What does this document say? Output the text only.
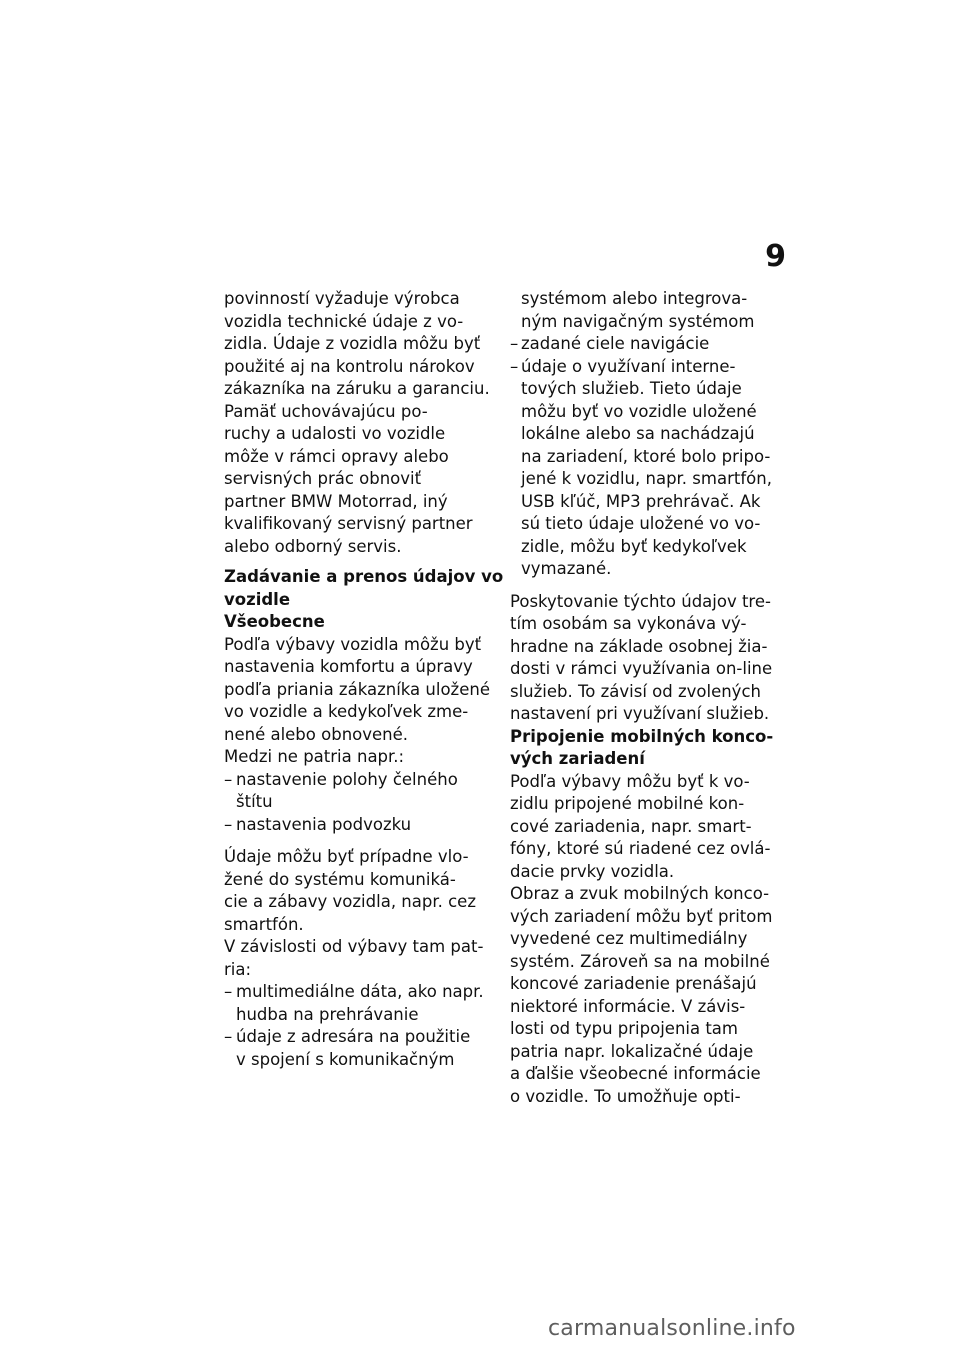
9

povinností vyžaduje výrobca
vozidla technické údaje z vo-
zidla. Údaje z vozidla môžu byť
použité aj na kontrolu nárokov
zákazníka na záruku a garanciu.

Pamäť uchovávajúcu po-
ruchy a udalosti vo vozidle
môže v rámci opravy alebo
servisných prác obnoviť
partner BMW Motorrad, iný
kvalifikovaný servisný partner
alebo odborný servis.

Zadávanie a prenos údajov vo
vozidle
Všeobecne

Podľa výbavy vozidla môžu byť
nastavenia komfortu a úpravy
podľa priania zákazníka uložené
vo vozidle a kedykoľvek zme-
nené alebo obnovené.

Medzi ne patria napr.:

– nastavenie polohy čelného
štítu
– nastavenia podvozku

Údaje môžu byť prípadne vlo-
žené do systému komuniká-
cie a zábavy vozidla, napr. cez
smartfón.

V závislosti od výbavy tam pat-
ria:

– multimediálne dáta, ako napr.
hudba na prehrávanie
– údaje z adresára na použitie
v spojení s komunikačným
systémom alebo integrova-
ným navigačným systémom
– zadané ciele navigácie
– údaje o využívaní interne-
tových služieb. Tieto údaje
môžu byť vo vozidle uložené
lokálne alebo sa nachádzajú
na zariadení, ktoré bolo pripo-
jené k vozidlu, napr. smartfón,
USB kľúč, MP3 prehrávač. Ak
sú tieto údaje uložené vo vo-
zidle, môžu byť kedykoľvek
vymazané.

Poskytovanie týchto údajov tre-
tím osobám sa vykonáva vý-
hradne na základe osobnej žia-
dosti v rámci využívania on-line
služieb. To závisí od zvolených
nastavení pri využívaní služieb.

Pripojenie mobilných konco-
vých zariadení

Podľa výbavy môžu byť k vo-
zidlu pripojené mobilné kon-
cové zariadenia, napr. smart-
fóny, ktoré sú riadené cez ovlá-
dacie prvky vozidla.

Obraz a zvuk mobilných konco-
vých zariadení môžu byť pritom
vyvedené cez multimediálny
systém. Zároveň sa na mobilné
koncové zariadenie prenášajú
niektoré informácie. V závis-
losti od typu pripojenia tam
patria napr. lokalizačné údaje
a ďalšie všeobecné informácie
o vozidle. To umožňuje opti-

carmanualsonline.info
